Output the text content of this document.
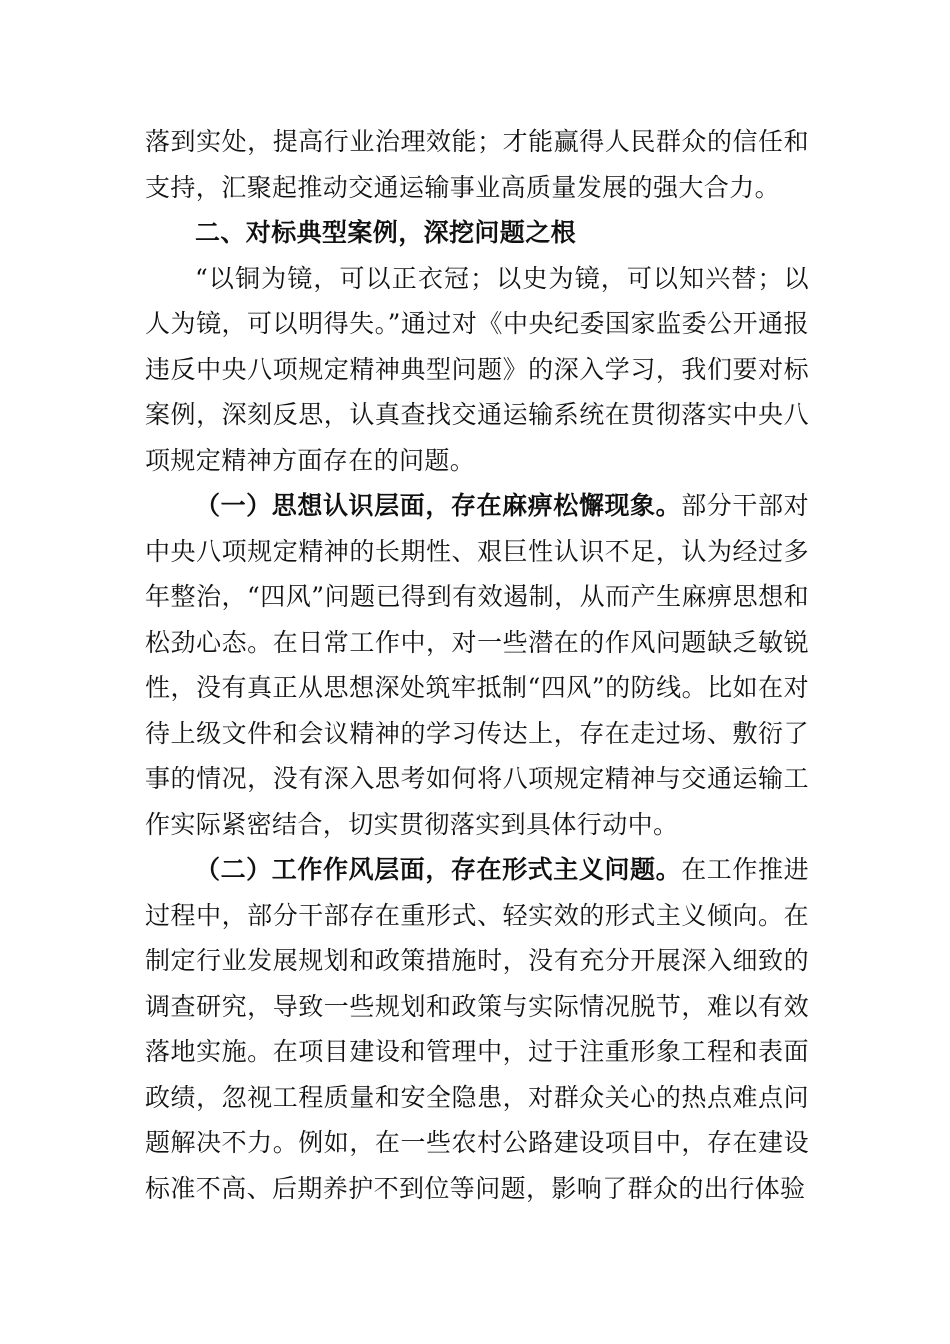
落到实处，提高行业治理效能；才能赢得人民群众的信任和支持，汇聚起推动交通运输事业高质量发展的强大合力。

二、对标典型案例，深挖问题之根

“以铜为镜，可以正衣冠；以史为镜，可以知兴替；以人为镜，可以明得失。”通过对《中央纪委国家监委公开通报违反中央八项规定精神典型问题》的深入学习，我们要对标案例，深刻反思，认真查找交通运输系统在贯彻落实中央八项规定精神方面存在的问题。

（一）思想认识层面，存在麻痹松懈现象。部分干部对中央八项规定精神的长期性、艰巨性认识不足，认为经过多年整治，“四风”问题已得到有效遏制，从而产生麻痹思想和松劲心态。在日常工作中，对一些潜在的作风问题缺乏敏锐性，没有真正从思想深处筑牢抵制“四风”的防线。比如在对待上级文件和会议精神的学习传达上，存在走过场、敷衍了事的情况，没有深入思考如何将八项规定精神与交通运输工作实际紧密结合，切实贯彻落实到具体行动中。

（二）工作作风层面，存在形式主义问题。在工作推进过程中，部分干部存在重形式、轻实效的形式主义倾向。在制定行业发展规划和政策措施时，没有充分开展深入细致的调查研究，导致一些规划和政策与实际情况脱节，难以有效落地实施。在项目建设和管理中，过于注重形象工程和表面政绩，忽视工程质量和安全隐患，对群众关心的热点难点问题解决不力。例如，在一些农村公路建设项目中，存在建设标准不高、后期养护不到位等问题，影响了群众的出行体验
